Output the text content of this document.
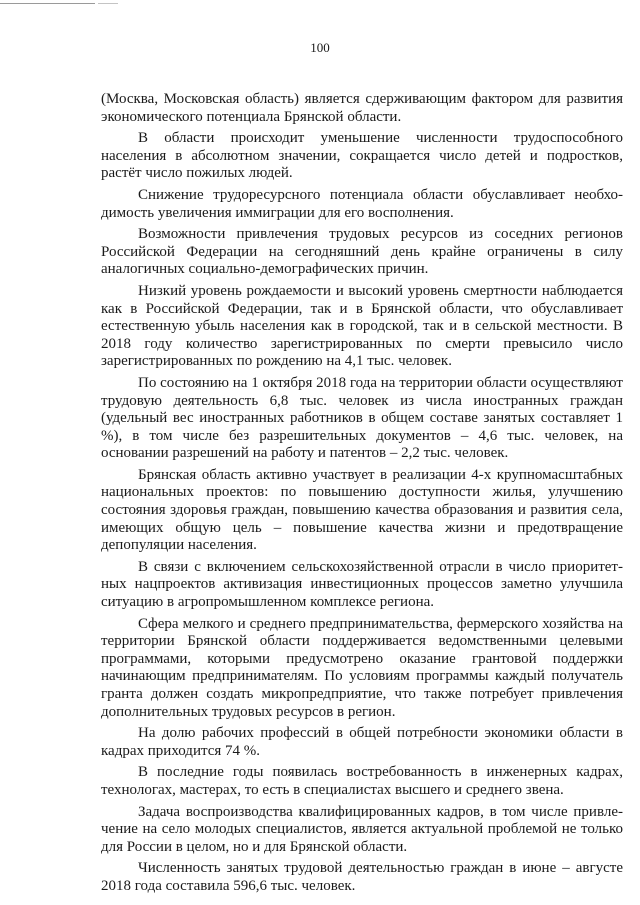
100

(Москва, Московская область) является сдерживающим фактором для развития экономического потенциала Брянской области.

В области происходит уменьшение численности трудоспособного населения в абсолютном значении, сокращается число детей и подростков, растёт число пожилых людей.

Снижение трудоресурсного потенциала области обуславливает необходимость увеличения иммиграции для его восполнения.

Возможности привлечения трудовых ресурсов из соседних регионов Российской Федерации на сегодняшний день крайне ограничены в силу аналогичных социально-демографических причин.

Низкий уровень рождаемости и высокий уровень смертности наблюдается как в Российской Федерации, так и в Брянской области, что обуславливает естественную убыль населения как в городской, так и в сельской местности. В 2018 году количество зарегистрированных по смерти превысило число зарегистрированных по рождению на 4,1 тыс. человек.

По состоянию на 1 октября 2018 года на территории области осуществляют трудовую деятельность 6,8 тыс. человек из числа иностранных граждан (удельный вес иностранных работников в общем составе занятых составляет 1 %), в том числе без разрешительных документов – 4,6 тыс. человек, на основании разрешений на работу и патентов – 2,2 тыс. человек.

Брянская область активно участвует в реализации 4-х крупномасштабных национальных проектов: по повышению доступности жилья, улучшению состояния здоровья граждан, повышению качества образования и развития села, имеющих общую цель – повышение качества жизни и предотвращение депопуляции населения.

В связи с включением сельскохозяйственной отрасли в число приоритетных нацпроектов активизация инвестиционных процессов заметно улучшила ситуацию в агропромышленном комплексе региона.

Сфера мелкого и среднего предпринимательства, фермерского хозяйства на территории Брянской области поддерживается ведомственными целевыми программами, которыми предусмотрено оказание грантовой поддержки начинающим предпринимателям. По условиям программы каждый получатель гранта должен создать микропредприятие, что также потребует привлечения дополнительных трудовых ресурсов в регион.

На долю рабочих профессий в общей потребности экономики области в кадрах приходится 74 %.

В последние годы появилась востребованность в инженерных кадрах, технологах, мастерах, то есть в специалистах высшего и среднего звена.

Задача воспроизводства квалифицированных кадров, в том числе привлечение на село молодых специалистов, является актуальной проблемой не только для России в целом, но и для Брянской области.

Численность занятых трудовой деятельностью граждан в июне – августе 2018 года составила 596,6 тыс. человек.
